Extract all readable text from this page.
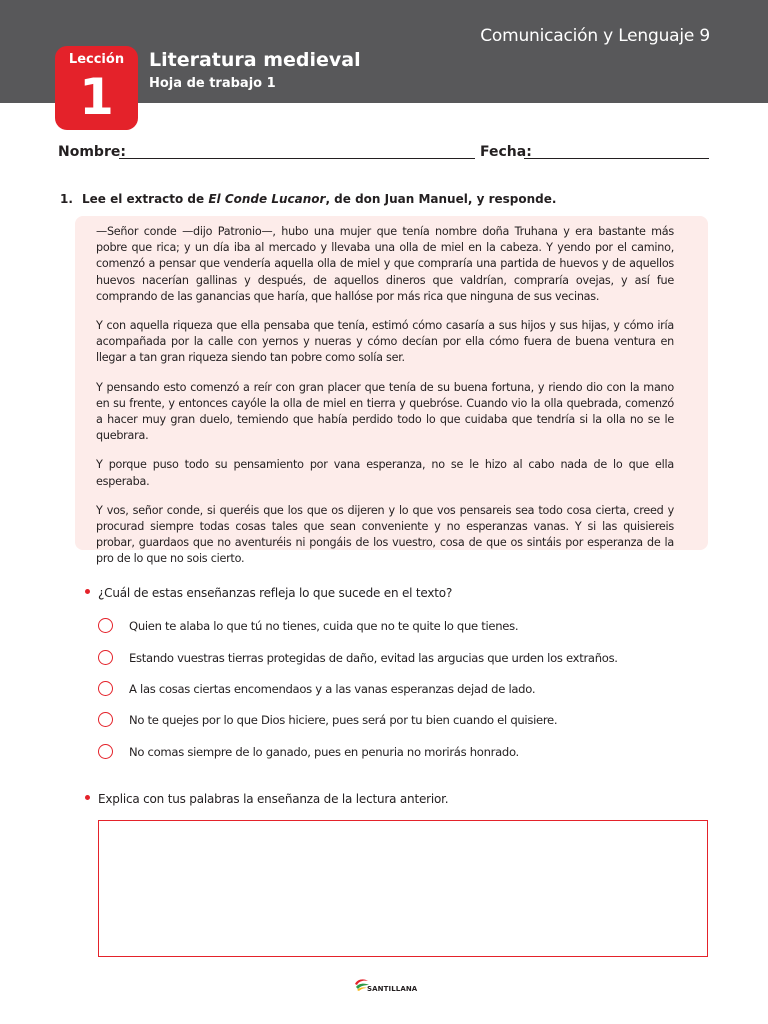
Comunicación y Lenguaje 9
Lección
1
Literatura medieval
Hoja de trabajo 1
Nombre:	Fecha:
1. Lee el extracto de El Conde Lucanor, de don Juan Manuel, y responde.

—Señor conde —dijo Patronio—, hubo una mujer que tenía nombre doña Truhana y era bastante más pobre que rica; y un día iba al mercado y llevaba una olla de miel en la cabeza. Y yendo por el camino, comenzó a pensar que vendería aquella olla de miel y que compraría una partida de huevos y de aquellos huevos nacerían gallinas y después, de aquellos dineros que valdrían, compraría ovejas, y así fue comprando de las ganancias que haría, que hallóse por más rica que ninguna de sus vecinas.

Y con aquella riqueza que ella pensaba que tenía, estimó cómo casaría a sus hijos y sus hijas, y cómo iría acompañada por la calle con yernos y nueras y cómo decían por ella cómo fuera de buena ventura en llegar a tan gran riqueza siendo tan pobre como solía ser.

Y pensando esto comenzó a reír con gran placer que tenía de su buena fortuna, y riendo dio con la mano en su frente, y entonces cayóle la olla de miel en tierra y quebróse. Cuando vio la olla quebrada, comenzó a hacer muy gran duelo, temiendo que había perdido todo lo que cuidaba que tendría si la olla no se le quebrara.

Y porque puso todo su pensamiento por vana esperanza, no se le hizo al cabo nada de lo que ella esperaba.

Y vos, señor conde, si queréis que los que os dijeren y lo que vos pensareis sea todo cosa cierta, creed y procurad siempre todas cosas tales que sean conveniente y no esperanzas vanas. Y si las quisiereis probar, guardaos que no aventuréis ni pongáis de los vuestro, cosa de que os sintáis por esperanza de la pro de lo que no sois cierto.

¿Cuál de estas enseñanzas refleja lo que sucede en el texto?
Quien te alaba lo que tú no tienes, cuida que no te quite lo que tienes.
Estando vuestras tierras protegidas de daño, evitad las argucias que urden los extraños.
A las cosas ciertas encomendaos y a las vanas esperanzas dejad de lado.
No te quejes por lo que Dios hiciere, pues será por tu bien cuando el quisiere.
No comas siempre de lo ganado, pues en penuria no morirás honrado.
Explica con tus palabras la enseñanza de la lectura anterior.
SANTILLANA
